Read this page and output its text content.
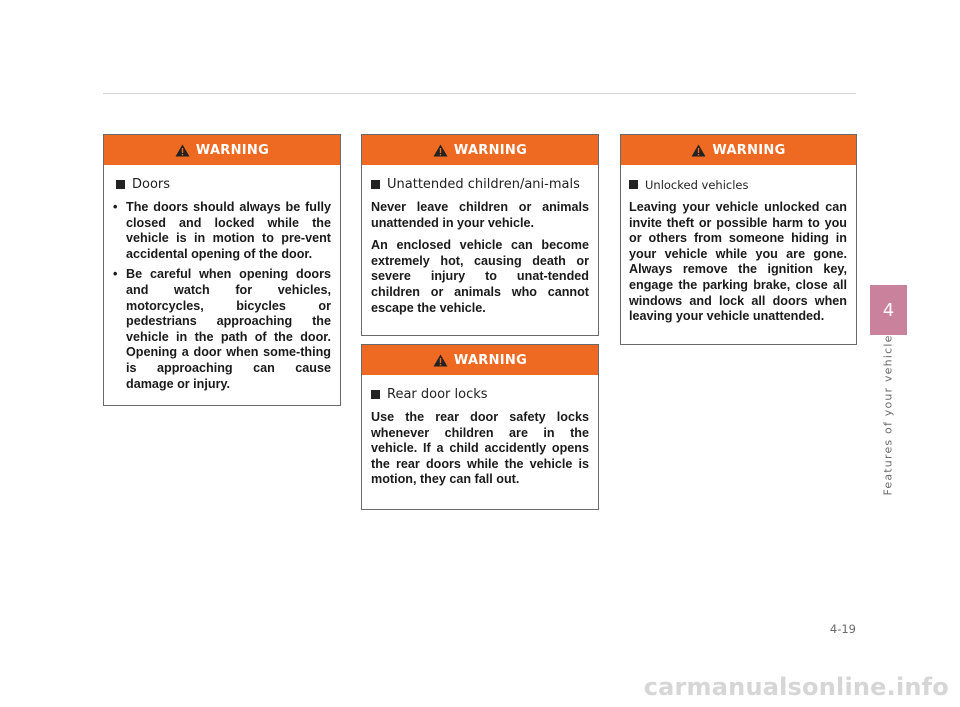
WARNING
Doors
• The doors should always be fully closed and locked while the vehicle is in motion to pre-vent accidental opening of the door.
• Be careful when opening doors and watch for vehicles, motorcycles, bicycles or pedestrians approaching the vehicle in the path of the door. Opening a door when some-thing is approaching can cause damage or injury.
WARNING
Unattended children/ani-mals

Never leave children or animals unattended in your vehicle.

An enclosed vehicle can become extremely hot, causing death or severe injury to unat-tended children or animals who cannot escape the vehicle.

WARNING
Rear door locks

Use the rear door safety locks whenever children are in the vehicle. If a child accidently opens the rear doors while the vehicle is motion, they can fall out.

WARNING
Unlocked vehicles

Leaving your vehicle unlocked can invite theft or possible harm to you or others from someone hiding in your vehicle while you are gone. Always remove the ignition key, engage the parking brake, close all windows and lock all doors when leaving your vehicle unattended.	4
Features of your vehicle
4-19
carmanualsonline.info
